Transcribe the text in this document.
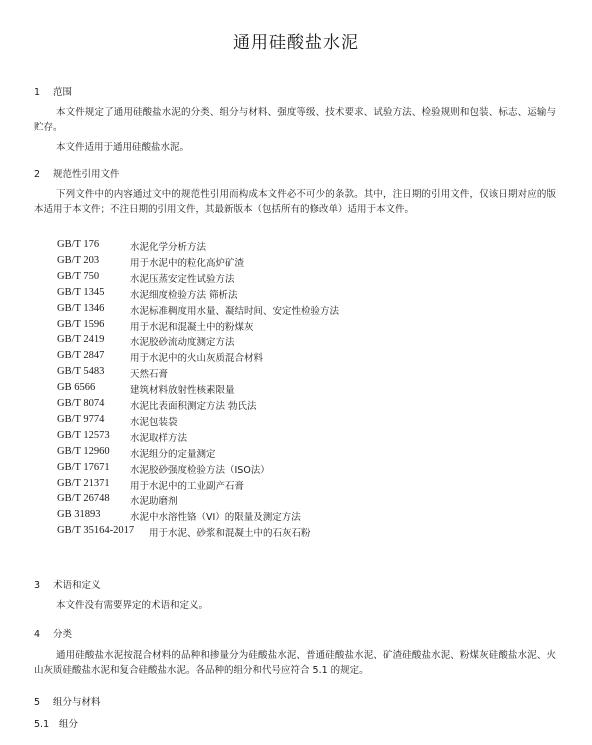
通用硅酸盐水泥
1 范围
本文件规定了通用硅酸盐水泥的分类、组分与材料、强度等级、技术要求、试验方法、检验规则和包装、标志、运输与贮存。
本文件适用于通用硅酸盐水泥。
2 规范性引用文件
下列文件中的内容通过文中的规范性引用而构成本文件必不可少的条款。其中，注日期的引用文件，仅该日期对应的版本适用于本文件；不注日期的引用文件，其最新版本（包括所有的修改单）适用于本文件。
GB/T 176	水泥化学分析方法
GB/T 203	用于水泥中的粒化高炉矿渣
GB/T 750	水泥压蒸安定性试验方法
GB/T 1345	水泥细度检验方法 筛析法
GB/T 1346	水泥标准稠度用水量、凝结时间、安定性检验方法
GB/T 1596	用于水泥和混凝土中的粉煤灰
GB/T 2419	水泥胶砂流动度测定方法
GB/T 2847	用于水泥中的火山灰质混合材料
GB/T 5483	天然石膏
GB 6566	建筑材料放射性核素限量
GB/T 8074	水泥比表面积测定方法 勃氏法
GB/T 9774	水泥包装袋
GB/T 12573 水泥取样方法
GB/T 12960 水泥组分的定量测定
GB/T 17671 水泥胶砂强度检验方法（ISO法）
GB/T 21371 用于水泥中的工业副产石膏
GB/T 26748 水泥助磨剂
GB 31893	水泥中水溶性铬（VI）的限量及测定方法
GB/T 35164-2017 用于水泥、砂浆和混凝土中的石灰石粉
3 术语和定义
本文件没有需要界定的术语和定义。
4 分类
通用硅酸盐水泥按混合材料的品种和掺量分为硅酸盐水泥、普通硅酸盐水泥、矿渣硅酸盐水泥、粉煤灰硅酸盐水泥、火山灰质硅酸盐水泥和复合硅酸盐水泥。各品种的组分和代号应符合 5.1 的规定。
5 组分与材料
5.1 组分
